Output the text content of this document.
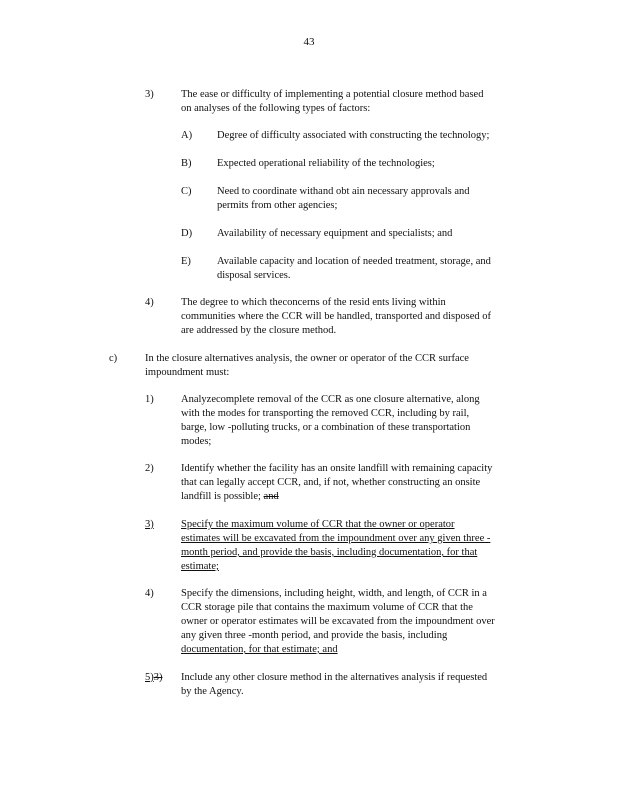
43
3)	The ease or difficulty of implementing a potential closure method based
on analyses of the following types of factors:
A) Degree of difficulty associated with constructing the technology;
B) Expected operational reliability of the technologies;
C) Need to coordinate withand obt ain necessary approvals and
permits from other agencies;
D) Availability of necessary equipment and specialists; and
E) Available capacity and location of needed treatment, storage, and
disposal services.
4)	The degree to which theconcerns of the resid ents living within
communities where the CCR will be handled, transported and disposed of
are addressed by the closure method.
c)	In the closure alternatives analysis, the owner or operator of the CCR surface
impoundment must:
1)	Analyzecomplete removal of the CCR as one closure alternative, along
with the modes for transporting the removed CCR, including by rail,
barge, low -polluting trucks, or a combination of these transportation
modes;
2)	Identify whether the facility has an onsite landfill with remaining capacity
that can legally accept CCR, and, if not, whether constructing an onsite
landfill is possible; and
3)	Specify the maximum volume of CCR that the owner or operator
estimates will be excavated from the impoundment over any given three -
month period, and provide the basis, including documentation, for that
estimate;
4)	Specify the dimensions, including height, width, and length, of CCR in a
CCR storage pile that contains the maximum volume of CCR that the
owner or operator estimates will be excavated from the impoundment over
any given three -month period, and provide the basis, including
documentation, for that estimate; and
5)3) Include any other closure method in the alternatives analysis if requested
by the Agency.
